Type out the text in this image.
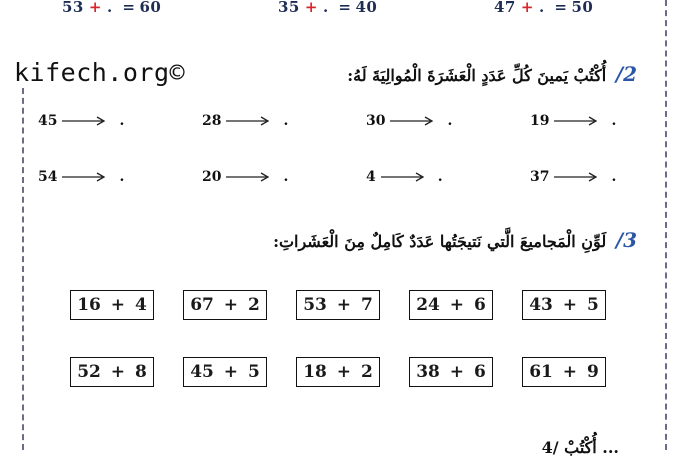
53 + . = 60	35 + . = 40	47 + . = 50
kifech.org©	2/ أُكْتُبْ يَمينَ كُلِّ عَدَدٍ الْعَشَرَةَ الْمُوالِيَةَ لَهُ:
45	.	28	.	30	.	19	.
54	.	20	.	4	.	37	.
3/ لَوِّنِ الْمَجاميعَ الَّتي نَتيجَتُها عَدَدٌ كَامِلٌ مِنَ الْعَشَراتِ:
16 + 4	67 + 2	53 + 7	24 + 6	43 + 5
52 + 8	45 + 5	18 + 2	38 + 6	61 + 9
4/ أُكْتُبْ ...
